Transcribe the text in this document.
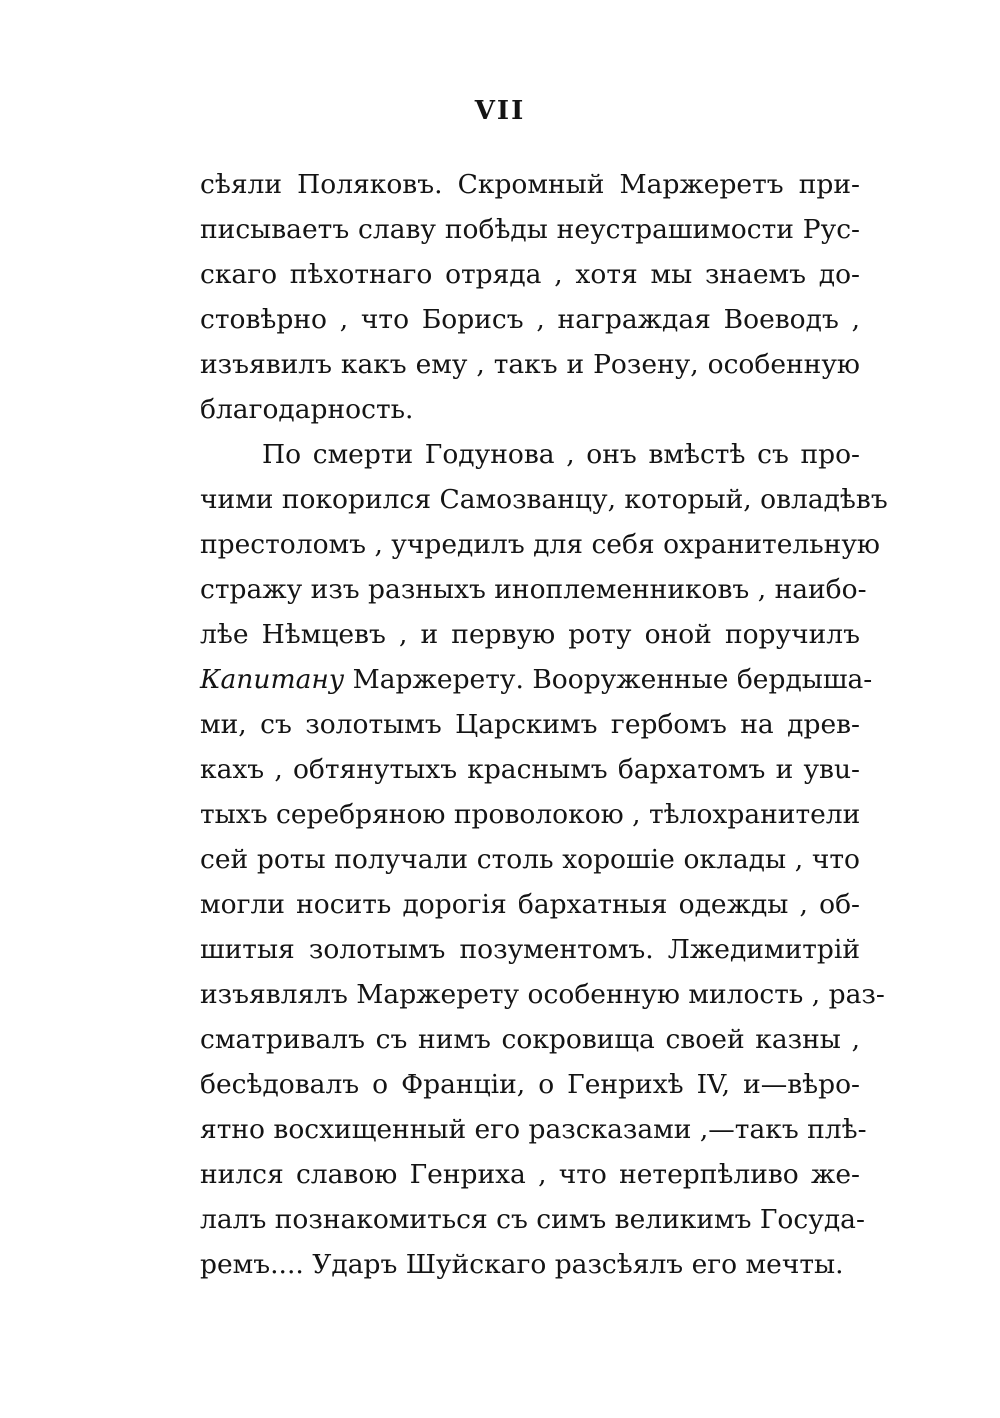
VII
сѣяли Поляковъ. Скромный Маржеретъ при-
писываетъ славу побѣды неустрашимости Рус-
скаго пѣхотнаго отряда , хотя мы знаемъ до-
стовѣрно , что Борисъ , награждая Воеводъ ,
изъявилъ какъ ему , такъ и Розену, особенную
благодарность.
По смерти Годунова , онъ вмѣстѣ съ про-
чими покорился Самозванцу, который, овладѣвъ
престоломъ , учредилъ для себя охранительную
стражу изъ разныхъ иноплеменниковъ , наибо-
лѣе Нѣмцевъ , и первую роту оной поручилъ
Капитану Маржерету. Вооруженные бердышa-
ми, съ золотымъ Царскимъ гербомъ на древ-
кахъ , обтянутыхъ краснымъ бархатомъ и увu-
тыхъ серебряною проволокою , тѣлохранители
сей роты получали столь хорошіе оклады , что
могли носить дорогія бархатныя одежды , об-
шитыя золотымъ позументомъ. Лжедимитрій
изъявлялъ Маржерету особенную милость , раз-
сматривалъ съ нимъ сокровища своей казны ,
бесѣдовалъ о Франціи, о Генрихѣ IV, и—вѣро-
ятно восхищенный его разсказами ,—такъ плѣ-
нился славою Генриха , что нетерпѣливо же-
лалъ познакомиться съ симъ великимъ Госуда-
ремъ.... Ударъ Шуйскаго разсѣялъ его мечты.
